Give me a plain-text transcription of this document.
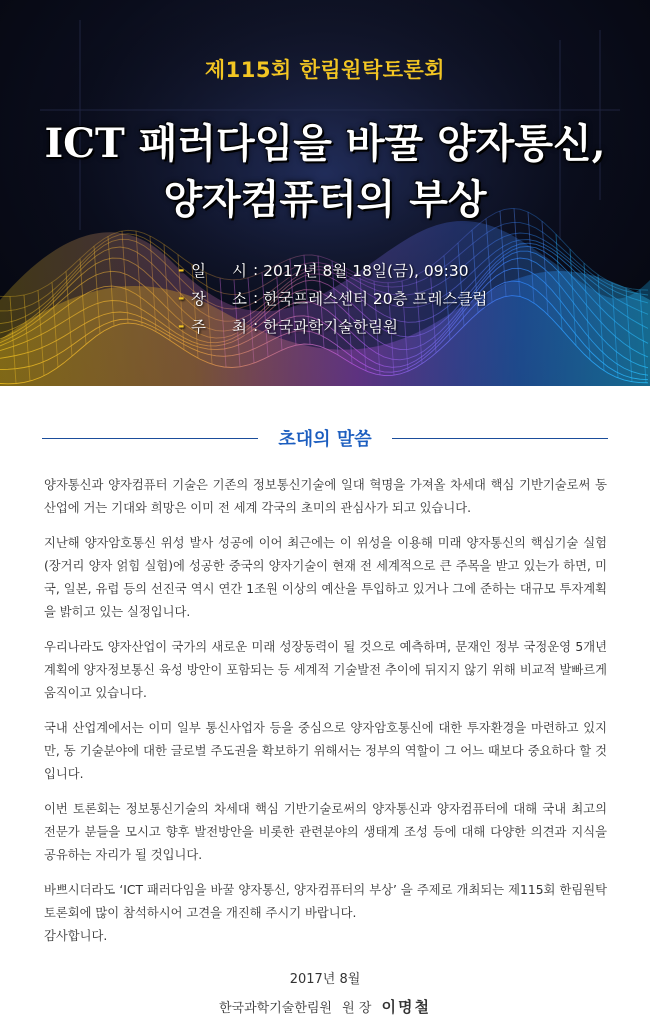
제115회 한림원탁토론회
ICT 패러다임을 바꿀 양자통신,
양자컴퓨터의 부상
- 일 시 :
2017년 8월 18일(금), 09:30
- 장 소 :
한국프레스센터 20층 프레스클럽
- 주 최 :
한국과학기술한림원
초대의 말씀

양자통신과 양자컴퓨터 기술은 기존의 정보통신기술에 일대 혁명을 가져올 차세대 핵심 기반기술로써 동산업에 거는 기대와 희망은 이미 전 세계 각국의 초미의 관심사가 되고 있습니다.

지난해 양자암호통신 위성 발사 성공에 이어 최근에는 이 위성을 이용해 미래 양자통신의 핵심기술 실험(장거리 양자 얽힘 실험)에 성공한 중국의 양자기술이 현재 전 세계적으로 큰 주목을 받고 있는가 하면, 미국, 일본, 유럽 등의 선진국 역시 연간 1조원 이상의 예산을 투입하고 있거나 그에 준하는 대규모 투자계획을 밝히고 있는 실정입니다.

우리나라도 양자산업이 국가의 새로운 미래 성장동력이 될 것으로 예측하며, 문재인 정부 국정운영 5개년 계획에 양자정보통신 육성 방안이 포함되는 등 세계적 기술발전 추이에 뒤지지 않기 위해 비교적 발빠르게 움직이고 있습니다.

국내 산업계에서는 이미 일부 통신사업자 등을 중심으로 양자암호통신에 대한 투자환경을 마련하고 있지만, 동 기술분야에 대한 글로벌 주도권을 확보하기 위해서는 정부의 역할이 그 어느 때보다 중요하다 할 것입니다.

이번 토론회는 정보통신기술의 차세대 핵심 기반기술로써의 양자통신과 양자컴퓨터에 대해 국내 최고의 전문가 분들을 모시고 향후 발전방안을 비롯한 관련분야의 생태계 조성 등에 대해 다양한 의견과 지식을 공유하는 자리가 될 것입니다.

바쁘시더라도 ‘ICT 패러다임을 바꿀 양자통신, 양자컴퓨터의 부상’ 을 주제로 개최되는 제115회 한림원탁토론회에 많이 참석하시어 고견을 개진해 주시기 바랍니다.

감사합니다.

2017년 8월
한국과학기술한림원 원 장 이명철
